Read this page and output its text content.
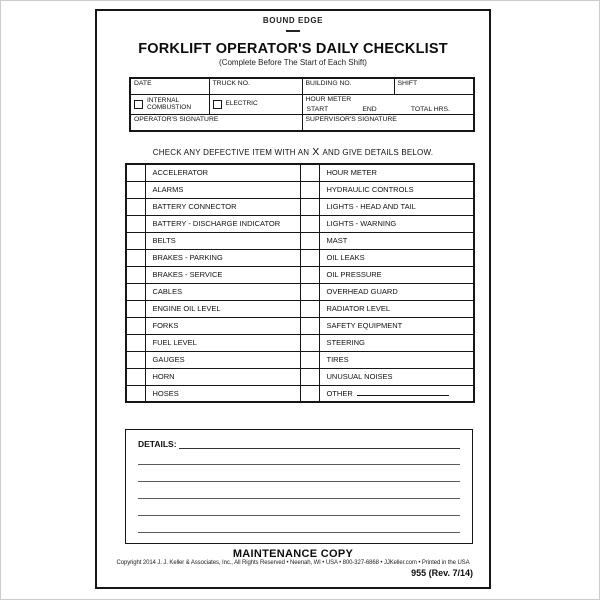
BOUND EDGE
FORKLIFT OPERATOR'S DAILY CHECKLIST
(Complete Before The Start of Each Shift)
DATE	TRUCK NO.	BUILDING NO.	SHIFT

INTERNAL COMBUSTION	ELECTRIC	HOUR METER
START END TOTAL HRS.	

OPERATOR'S SIGNATURE		SUPERVISOR'S SIGNATURE	
CHECK ANY DEFECTIVE ITEM WITH AN X AND GIVE DETAILS BELOW.
	ACCELERATOR		HOUR METER
	ALARMS		HYDRAULIC CONTROLS
	BATTERY CONNECTOR		LIGHTS - HEAD AND TAIL
	BATTERY - DISCHARGE INDICATOR		LIGHTS - WARNING
	BELTS		MAST
	BRAKES - PARKING		OIL LEAKS
	BRAKES - SERVICE		OIL PRESSURE
	CABLES		OVERHEAD GUARD
	ENGINE OIL LEVEL		RADIATOR LEVEL
	FORKS		SAFETY EQUIPMENT
	FUEL LEVEL		STEERING
	GAUGES		TIRES
	HORN		UNUSUAL NOISES
	HOSES		OTHER
DETAILS:
MAINTENANCE COPY
Copyright 2014 J. J. Keller & Associates, Inc., All Rights Reserved • Neenah, WI • USA • 800-327-6868 • JJKeller.com • Printed in the USA
955 (Rev. 7/14)
